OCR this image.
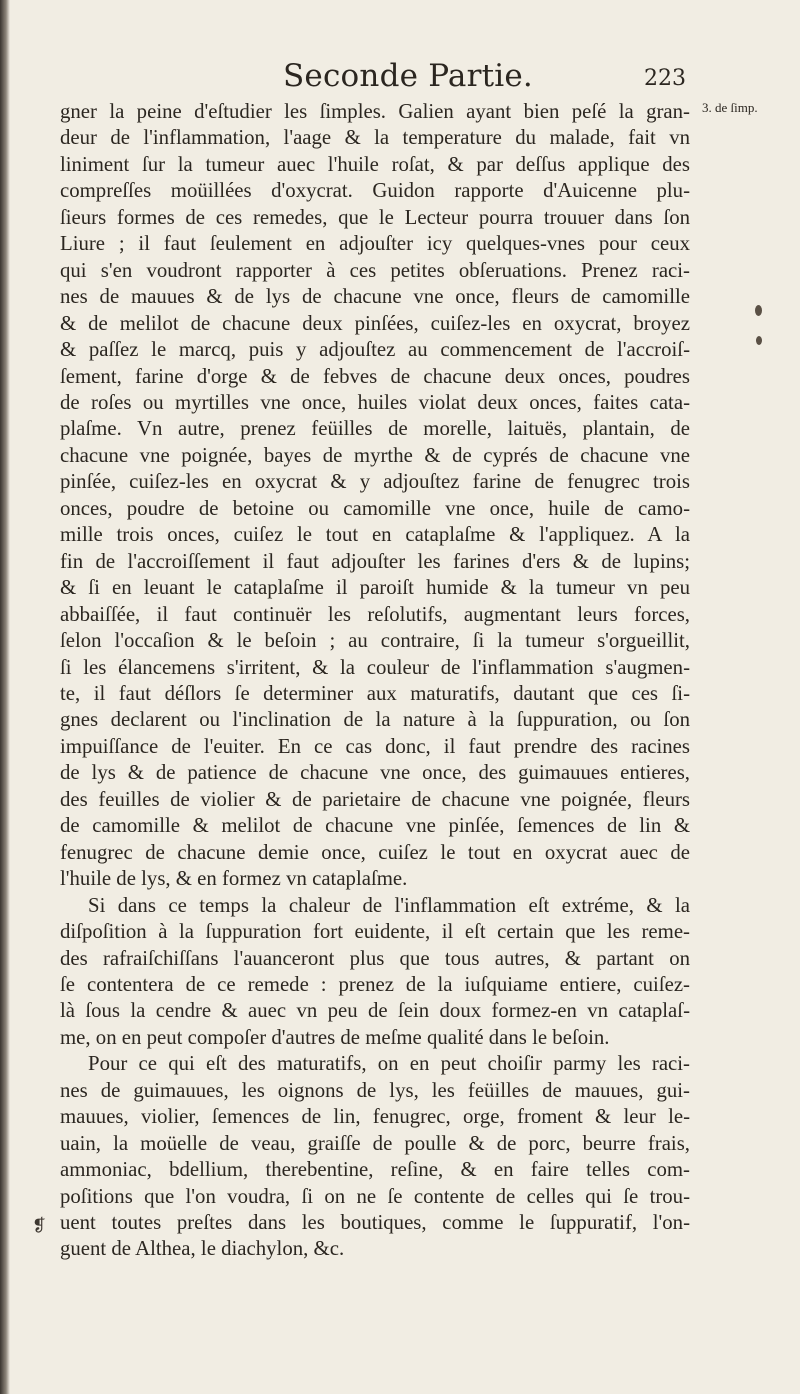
Seconde Partie.	223
3. de ſimp.
❡
gner la peine d'eſtudier les ſimples. Galien ayant bien peſé la gran-
deur de l'inflammation, l'aage & la temperature du malade, fait vn
liniment ſur la tumeur auec l'huile roſat, & par deſſus applique des
compreſſes moüillées d'oxycrat. Guidon rapporte d'Auicenne plu-
ſieurs formes de ces remedes, que le Lecteur pourra trouuer dans ſon
Liure ; il faut ſeulement en adjouſter icy quelques-vnes pour ceux
qui s'en voudront rapporter à ces petites obſeruations. Prenez raci-
nes de mauues & de lys de chacune vne once, fleurs de camomille
& de melilot de chacune deux pinſées, cuiſez-les en oxycrat, broyez
& paſſez le marcq, puis y adjouſtez au commencement de l'accroiſ-
ſement, farine d'orge & de febves de chacune deux onces, poudres
de roſes ou myrtilles vne once, huiles violat deux onces, faites cata-
plaſme. Vn autre, prenez feüilles de morelle, laituës, plantain, de
chacune vne poignée, bayes de myrthe & de cyprés de chacune vne
pinſée, cuiſez-les en oxycrat & y adjouſtez farine de fenugrec trois
onces, poudre de betoine ou camomille vne once, huile de camo-
mille trois onces, cuiſez le tout en cataplaſme & l'appliquez. A la
fin de l'accroiſſement il faut adjouſter les farines d'ers & de lupins;
& ſi en leuant le cataplaſme il paroiſt humide & la tumeur vn peu
abbaiſſée, il faut continuër les reſolutifs, augmentant leurs forces,
ſelon l'occaſion & le beſoin ; au contraire, ſi la tumeur s'orgueillit,
ſi les élancemens s'irritent, & la couleur de l'inflammation s'augmen-
te, il faut déſlors ſe determiner aux maturatifs, dautant que ces ſi-
gnes declarent ou l'inclination de la nature à la ſuppuration, ou ſon
impuiſſance de l'euiter. En ce cas donc, il faut prendre des racines
de lys & de patience de chacune vne once, des guimauues entieres,
des feuilles de violier & de parietaire de chacune vne poignée, fleurs
de camomille & melilot de chacune vne pinſée, ſemences de lin &
fenugrec de chacune demie once, cuiſez le tout en oxycrat auec de
l'huile de lys, & en formez vn cataplaſme.
Si dans ce temps la chaleur de l'inflammation eſt extréme, & la
diſpoſition à la ſuppuration fort euidente, il eſt certain que les reme-
des rafraiſchiſſans l'auanceront plus que tous autres, & partant on
ſe contentera de ce remede : prenez de la iuſquiame entiere, cuiſez-
là ſous la cendre & auec vn peu de ſein doux formez-en vn cataplaſ-
me, on en peut compoſer d'autres de meſme qualité dans le beſoin.
Pour ce qui eſt des maturatifs, on en peut choiſir parmy les raci-
nes de guimauues, les oignons de lys, les feüilles de mauues, gui-
mauues, violier, ſemences de lin, fenugrec, orge, froment & leur le-
uain, la moüelle de veau, graiſſe de poulle & de porc, beurre frais,
ammoniac, bdellium, therebentine, reſine, & en faire telles com-
poſitions que l'on voudra, ſi on ne ſe contente de celles qui ſe trou-
uent toutes preſtes dans les boutiques, comme le ſuppuratif, l'on-
guent de Althea, le diachylon, &c.
